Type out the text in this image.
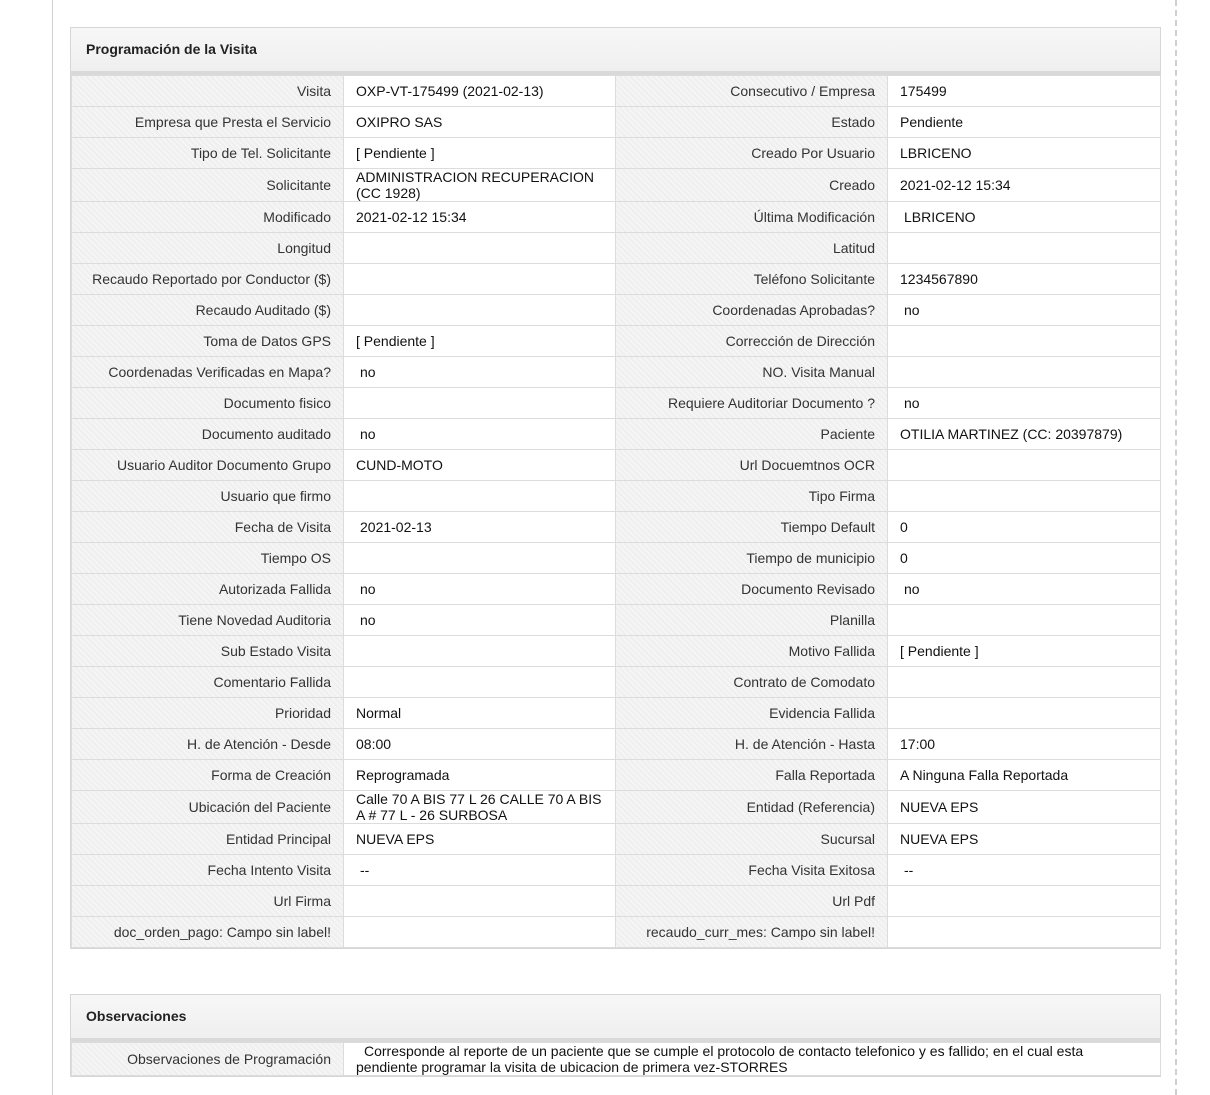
Programación de la Visita
Visita	OXP-VT-175499 (2021-02-13)	Consecutivo / Empresa	175499
Empresa que Presta el Servicio	OXIPRO SAS	Estado	Pendiente
Tipo de Tel. Solicitante	[ Pendiente ]	Creado Por Usuario	LBRICENO
Solicitante	ADMINISTRACION RECUPERACION (CC 1928)	Creado	2021-02-12 15:34
Modificado	2021-02-12 15:34	Última Modificación	LBRICENO
Longitud		Latitud	
Recaudo Reportado por Conductor ($)		Teléfono Solicitante	1234567890
Recaudo Auditado ($)		Coordenadas Aprobadas?	no
Toma de Datos GPS	[ Pendiente ]	Corrección de Dirección	
Coordenadas Verificadas en Mapa?	no	NO. Visita Manual	
Documento fisico		Requiere Auditoriar Documento ?	no
Documento auditado	no	Paciente	OTILIA MARTINEZ (CC: 20397879)
Usuario Auditor Documento Grupo	CUND-MOTO	Url Docuemtnos OCR	
Usuario que firmo		Tipo Firma	
Fecha de Visita	2021-02-13	Tiempo Default	0
Tiempo OS		Tiempo de municipio	0
Autorizada Fallida	no	Documento Revisado	no
Tiene Novedad Auditoria	no	Planilla	
Sub Estado Visita		Motivo Fallida	[ Pendiente ]
Comentario Fallida		Contrato de Comodato	
Prioridad	Normal	Evidencia Fallida	
H. de Atención - Desde	08:00	H. de Atención - Hasta	17:00
Forma de Creación	Reprogramada	Falla Reportada	A Ninguna Falla Reportada
Ubicación del Paciente	Calle 70 A BIS 77 L 26 CALLE 70 A BIS A # 77 L - 26 SURBOSA	Entidad (Referencia)	NUEVA EPS
Entidad Principal	NUEVA EPS	Sucursal	NUEVA EPS
Fecha Intento Visita	--	Fecha Visita Exitosa	--
Url Firma		Url Pdf	
doc_orden_pago: Campo sin label!		recaudo_curr_mes: Campo sin label!	
Observaciones
Observaciones de Programación	Corresponde al reporte de un paciente que se cumple el protocolo de contacto telefonico y es fallido; en el cual esta pendiente programar la visita de ubicacion de primera vez-STORRES
